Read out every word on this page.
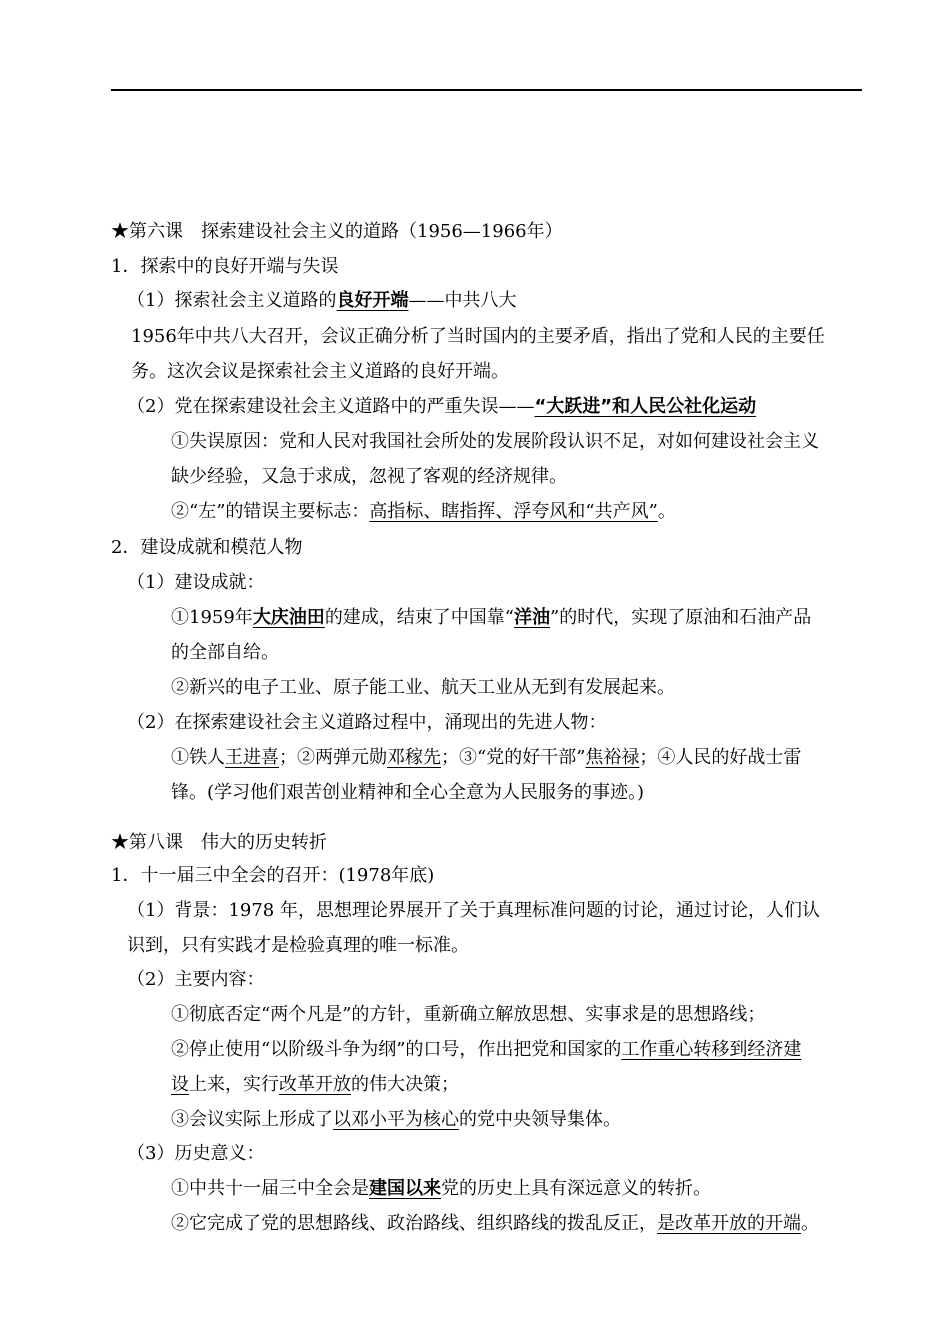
★第六课　探索建设社会主义的道路（1956—1966年）
1．探索中的良好开端与失误
（1）探索社会主义道路的良好开端——中共八大
1956年中共八大召开，会议正确分析了当时国内的主要矛盾，指出了党和人民的主要任
务。这次会议是探索社会主义道路的良好开端。
（2）党在探索建设社会主义道路中的严重失误——“大跃进”和人民公社化运动
①失误原因：党和人民对我国社会所处的发展阶段认识不足，对如何建设社会主义
缺少经验，又急于求成，忽视了客观的经济规律。
②“左”的错误主要标志：高指标、瞎指挥、浮夸风和“共产风”。
2．建设成就和模范人物
（1）建设成就：
①1959年大庆油田的建成，结束了中国靠“洋油”的时代，实现了原油和石油产品
的全部自给。
②新兴的电子工业、原子能工业、航天工业从无到有发展起来。
（2）在探索建设社会主义道路过程中，涌现出的先进人物：
①铁人王进喜；②两弹元勋邓稼先；③“党的好干部”焦裕禄；④人民的好战士雷
锋。(学习他们艰苦创业精神和全心全意为人民服务的事迹。)
★第八课　伟大的历史转折
1．十一届三中全会的召开：(1978年底)
（1）背景：1978 年，思想理论界展开了关于真理标准问题的讨论，通过讨论，人们认
识到，只有实践才是检验真理的唯一标准。
（2）主要内容：
①彻底否定“两个凡是”的方针，重新确立解放思想、实事求是的思想路线；
②停止使用“以阶级斗争为纲”的口号，作出把党和国家的工作重心转移到经济建
设上来，实行改革开放的伟大决策；
③会议实际上形成了以邓小平为核心的党中央领导集体。
（3）历史意义：
①中共十一届三中全会是建国以来党的历史上具有深远意义的转折。
②它完成了党的思想路线、政治路线、组织路线的拨乱反正，是改革开放的开端。
